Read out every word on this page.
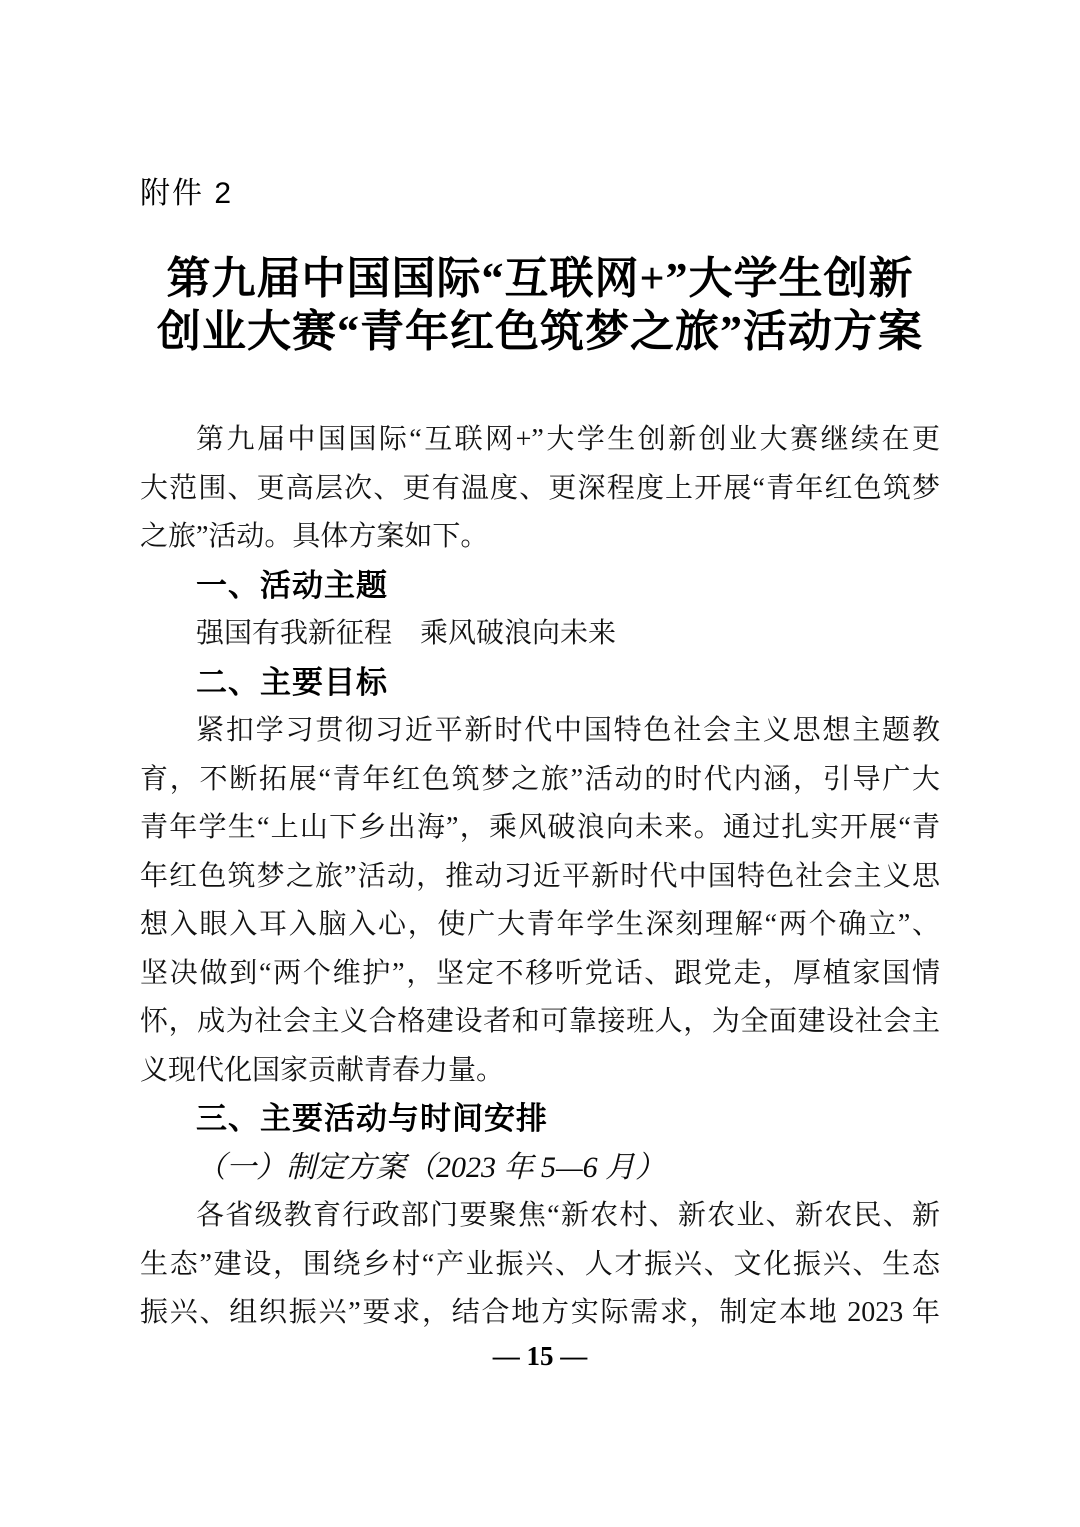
附件 2
第九届中国国际“互联网+”大学生创新
创业大赛“青年红色筑梦之旅”活动方案
第九届中国国际“互联网+”大学生创新创业大赛继续在更
大范围、更高层次、更有温度、更深程度上开展“青年红色筑梦
之旅”活动。具体方案如下。
一、活动主题
强国有我新征程　乘风破浪向未来
二、主要目标
紧扣学习贯彻习近平新时代中国特色社会主义思想主题教
育，不断拓展“青年红色筑梦之旅”活动的时代内涵，引导广大
青年学生“上山下乡出海”，乘风破浪向未来。通过扎实开展“青
年红色筑梦之旅”活动，推动习近平新时代中国特色社会主义思
想入眼入耳入脑入心，使广大青年学生深刻理解“两个确立”、
坚决做到“两个维护”，坚定不移听党话、跟党走，厚植家国情
怀，成为社会主义合格建设者和可靠接班人，为全面建设社会主
义现代化国家贡献青春力量。
三、主要活动与时间安排
（一）制定方案（2023 年 5—6 月）
各省级教育行政部门要聚焦“新农村、新农业、新农民、新
生态”建设，围绕乡村“产业振兴、人才振兴、文化振兴、生态
振兴、组织振兴”要求，结合地方实际需求，制定本地 2023 年
— 15 —
